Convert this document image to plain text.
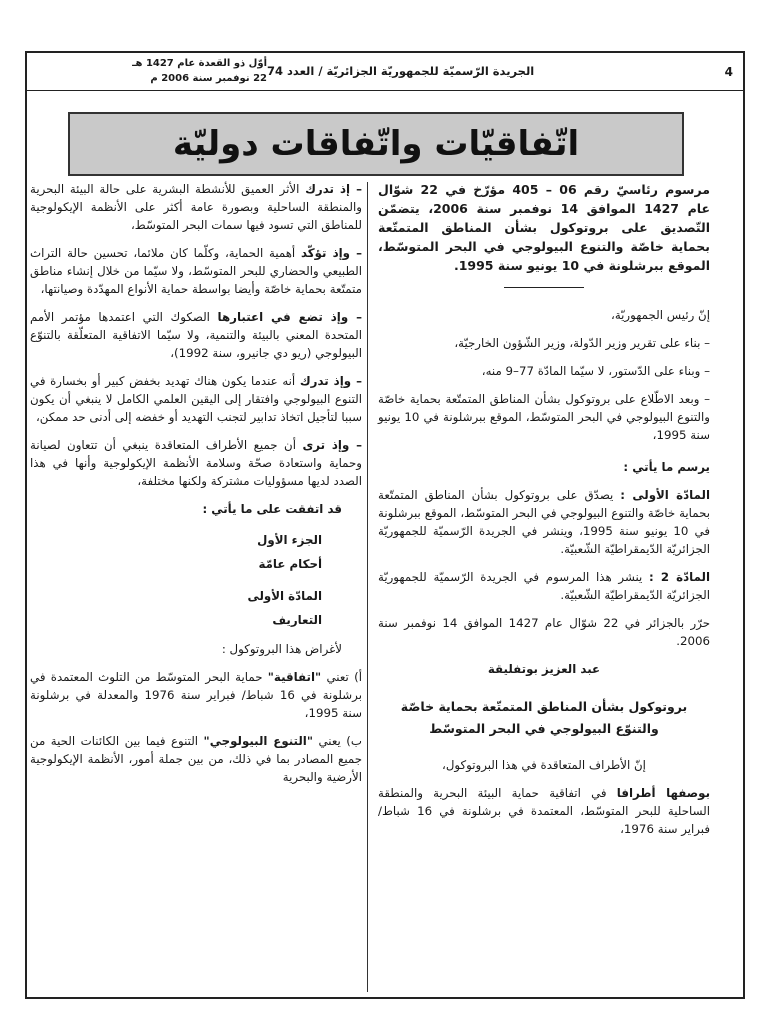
4
الجريدة الرّسميّة للجمهوريّة الجزائريّة / العدد 74
أوّل ذو القعدة عام 1427 هـ
22 نوفمبر سنة 2006 م
اتّفاقيّات واتّفاقات دوليّة

مرسوم رئاسيّ رقم 06 – 405 مؤرّخ في 22 شوّال عام 1427 الموافق 14 نوفمبر سنة 2006، يتضمّن التّصديق على بروتوكول بشأن المناطق المتمتّعة بحماية خاصّة والتنوع البيولوجي في البحر المتوسّط، الموقع ببرشلونة في 10 يونيو سنة 1995.

إنّ رئيس الجمهوريّة،

– بناء على تقرير وزير الدّولة، وزير الشّؤون الخارجيّة،

– وبناء على الدّستور، لا سيّما المادّة 77–9 منه،

– وبعد الاطّلاع على بروتوكول بشأن المناطق المتمتّعة بحماية خاصّة والتنوع البيولوجي في البحر المتوسّط، الموقع ببرشلونة في 10 يونيو سنة 1995،

يرسم ما يأتي :

المادّة الأولى : يصدّق على بروتوكول بشأن المناطق المتمتّعة بحماية خاصّة والتنوع البيولوجي في البحر المتوسّط، الموقع ببرشلونة في 10 يونيو سنة 1995، وينشر في الجريدة الرّسميّة للجمهوريّة الجزائريّة الدّيمقراطيّة الشّعبيّة.

المادّة 2 : ينشر هذا المرسوم في الجريدة الرّسميّة للجمهوريّة الجزائريّة الدّيمقراطيّة الشّعبيّة.

حرّر بالجزائر في 22 شوّال عام 1427 الموافق 14 نوفمبر سنة 2006.

عبد العزيز بوتفليقة

بروتوكول بشأن المناطق المتمتّعة بحماية خاصّة
والتنوّع البيولوجي في البحر المتوسّط

إنّ الأطراف المتعاقدة في هذا البروتوكول،

بوصفها أطرافا في اتفاقية حماية البيئة البحرية والمنطقة الساحلية للبحر المتوسّط، المعتمدة في برشلونة في 16 شباط/ فبراير سنة 1976،

– إذ تدرك الأثر العميق للأنشطة البشرية على حالة البيئة البحرية والمنطقة الساحلية وبصورة عامة أكثر على الأنظمة الإيكولوجية للمناطق التي تسود فيها سمات البحر المتوسّط،

– وإذ تؤكّد أهمية الحماية، وكلّما كان ملائما، تحسين حالة التراث الطبيعي والحضاري للبحر المتوسّط، ولا سيّما من خلال إنشاء مناطق متمتّعة بحماية خاصّة وأيضا بواسطة حماية الأنواع المهدّدة وصيانتها،

– وإذ تضع في اعتبارها الصكوك التي اعتمدها مؤتمر الأمم المتحدة المعني بالبيئة والتنمية، ولا سيّما الاتفاقية المتعلّقة بالتنوّع البيولوجي (ريو دي جانيرو، سنة 1992)،

– وإذ تدرك أنه عندما يكون هناك تهديد بخفض كبير أو بخسارة في التنوع البيولوجي وافتقار إلى اليقين العلمي الكامل لا ينبغي أن يكون سببا لتأجيل اتخاذ تدابير لتجنب التهديد أو خفضه إلى أدنى حد ممكن،

– وإذ ترى أن جميع الأطراف المتعاقدة ينبغي أن تتعاون لصيانة وحماية واستعادة صحّة وسلامة الأنظمة الإيكولوجية وأنها في هذا الصدد لديها مسؤوليات مشتركة ولكنها مختلفة،

قد اتفقت على ما يأتي :

الجزء الأول
أحكام عامّة
المادّة الأولى
التعاريف

لأغراض هذا البروتوكول :

أ) تعني "اتفاقية" حماية البحر المتوسّط من التلوث المعتمدة في برشلونة في 16 شباط/ فبراير سنة 1976 والمعدلة في برشلونة سنة 1995،

ب) يعني "التنوع البيولوجي" التنوع فيما بين الكائنات الحية من جميع المصادر بما في ذلك، من بين جملة أمور، الأنظمة الإيكولوجية الأرضية والبحرية
